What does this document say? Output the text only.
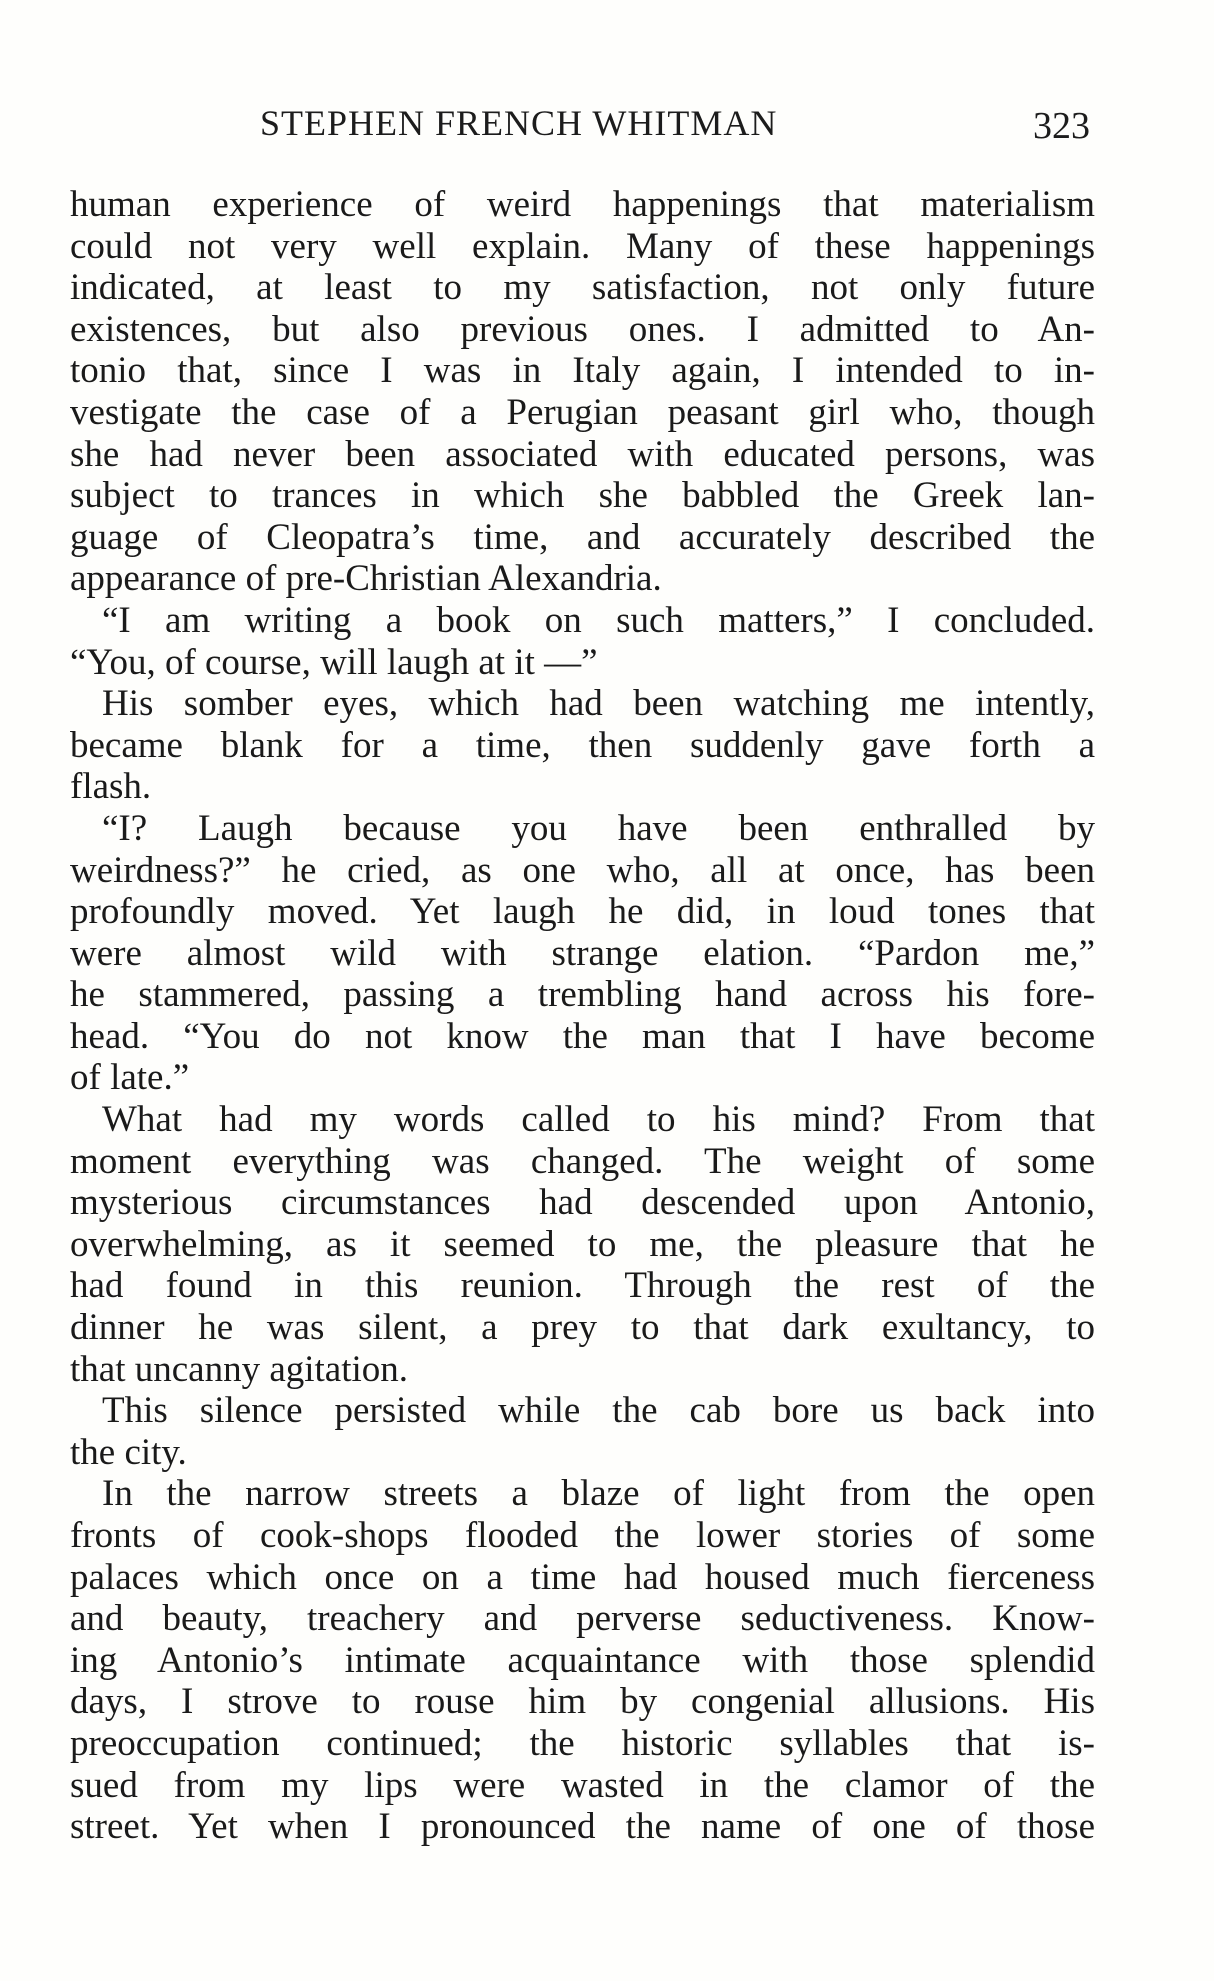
STEPHEN FRENCH WHITMAN	323
human experience of weird happenings that materialism
could not very well explain. Many of these happenings
indicated, at least to my satisfaction, not only future
existences, but also previous ones. I admitted to An-
tonio that, since I was in Italy again, I intended to in-
vestigate the case of a Perugian peasant girl who, though
she had never been associated with educated persons, was
subject to trances in which she babbled the Greek lan-
guage of Cleopatra’s time, and accurately described the
appearance of pre-Christian Alexandria.
“I am writing a book on such matters,” I concluded.
“You, of course, will laugh at it —”
His somber eyes, which had been watching me intently,
became blank for a time, then suddenly gave forth a
flash.
“I? Laugh because you have been enthralled by
weirdness?” he cried, as one who, all at once, has been
profoundly moved. Yet laugh he did, in loud tones that
were almost wild with strange elation. “Pardon me,”
he stammered, passing a trembling hand across his fore-
head. “You do not know the man that I have become
of late.”
What had my words called to his mind? From that
moment everything was changed. The weight of some
mysterious circumstances had descended upon Antonio,
overwhelming, as it seemed to me, the pleasure that he
had found in this reunion. Through the rest of the
dinner he was silent, a prey to that dark exultancy, to
that uncanny agitation.
This silence persisted while the cab bore us back into
the city.
In the narrow streets a blaze of light from the open
fronts of cook-shops flooded the lower stories of some
palaces which once on a time had housed much fierceness
and beauty, treachery and perverse seductiveness. Know-
ing Antonio’s intimate acquaintance with those splendid
days, I strove to rouse him by congenial allusions. His
preoccupation continued; the historic syllables that is-
sued from my lips were wasted in the clamor of the
street. Yet when I pronounced the name of one of those
